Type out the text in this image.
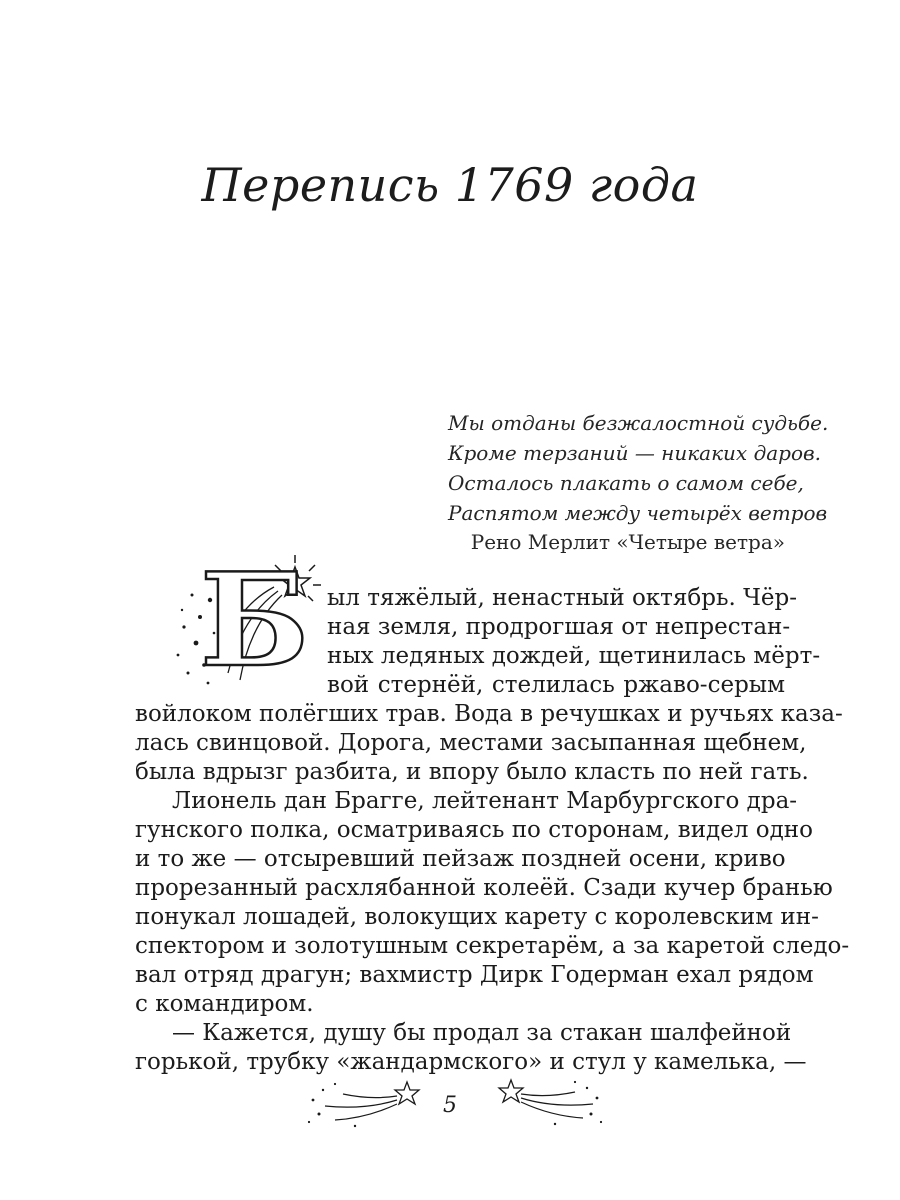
Перепись 1769 года
Мы отданы безжалостной судьбе.
Кроме терзаний — никаких даров.
Осталось плакать о самом себе,
Распятом между четырёх ветров
Рено Мерлит «Четыре ветра»
Б ыл тяжёлый, ненастный октябрь. Чёр-
ная земля, продрогшая от непрестан-
ных ледяных дождей, щетинилась мёрт-
вой стернёй, стелилась ржаво-серым
войлоком полёгших трав. Вода в речушках и ручьях каза-
лась свинцовой. Дорога, местами засыпанная щебнем,
была вдрызг разбита, и впору было класть по ней гать.
Лионель дан Брагге, лейтенант Марбургского дра-
гунского полка, осматриваясь по сторонам, видел одно
и то же — отсыревший пейзаж поздней осени, криво
прорезанный расхлябанной колеёй. Сзади кучер бранью
понукал лошадей, волокущих карету с королевским ин-
спектором и золотушным секретарём, а за каретой следо-
вал отряд драгун; вахмистр Дирк Годерман ехал рядом
с командиром.
— Кажется, душу бы продал за стакан шалфейной
горькой, трубку «жандармского» и стул у камелька, —
5
